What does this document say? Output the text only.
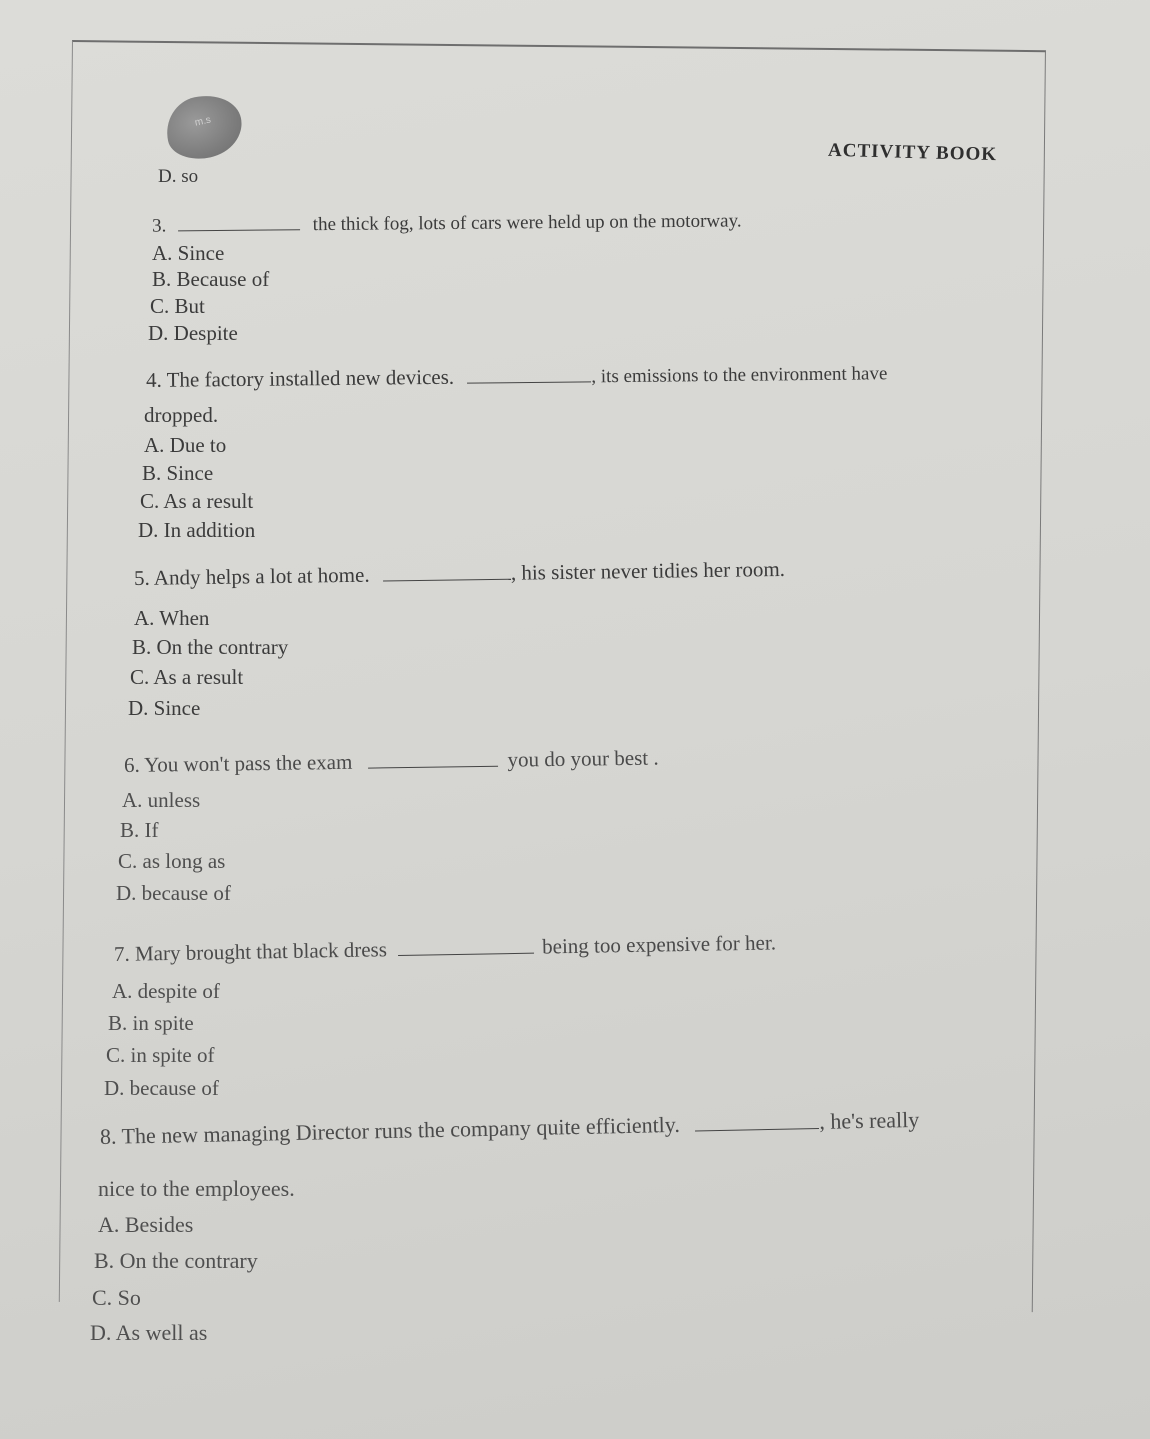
m.s
ACTIVITY BOOK
D. so
3.	the thick fog, lots of cars were held up on the motorway.
A. Since
B. Because of
C. But
D. Despite
4. The factory installed new devices.	, its emissions to the environment have
dropped.
A. Due to
B. Since
C. As a result
D. In addition
5. Andy helps a lot at home.	, his sister never tidies her room.
A. When
B. On the contrary
C. As a result
D. Since
6. You won't pass the exam	you do your best .
A. unless
B. If
C. as long as
D. because of
7. Mary brought that black dress	being too expensive for her.
A. despite of
B. in spite
C. in spite of
D. because of
8. The new managing Director runs the company quite efficiently.	, he's really
nice to the employees.
A. Besides
B. On the contrary
C. So
D. As well as
